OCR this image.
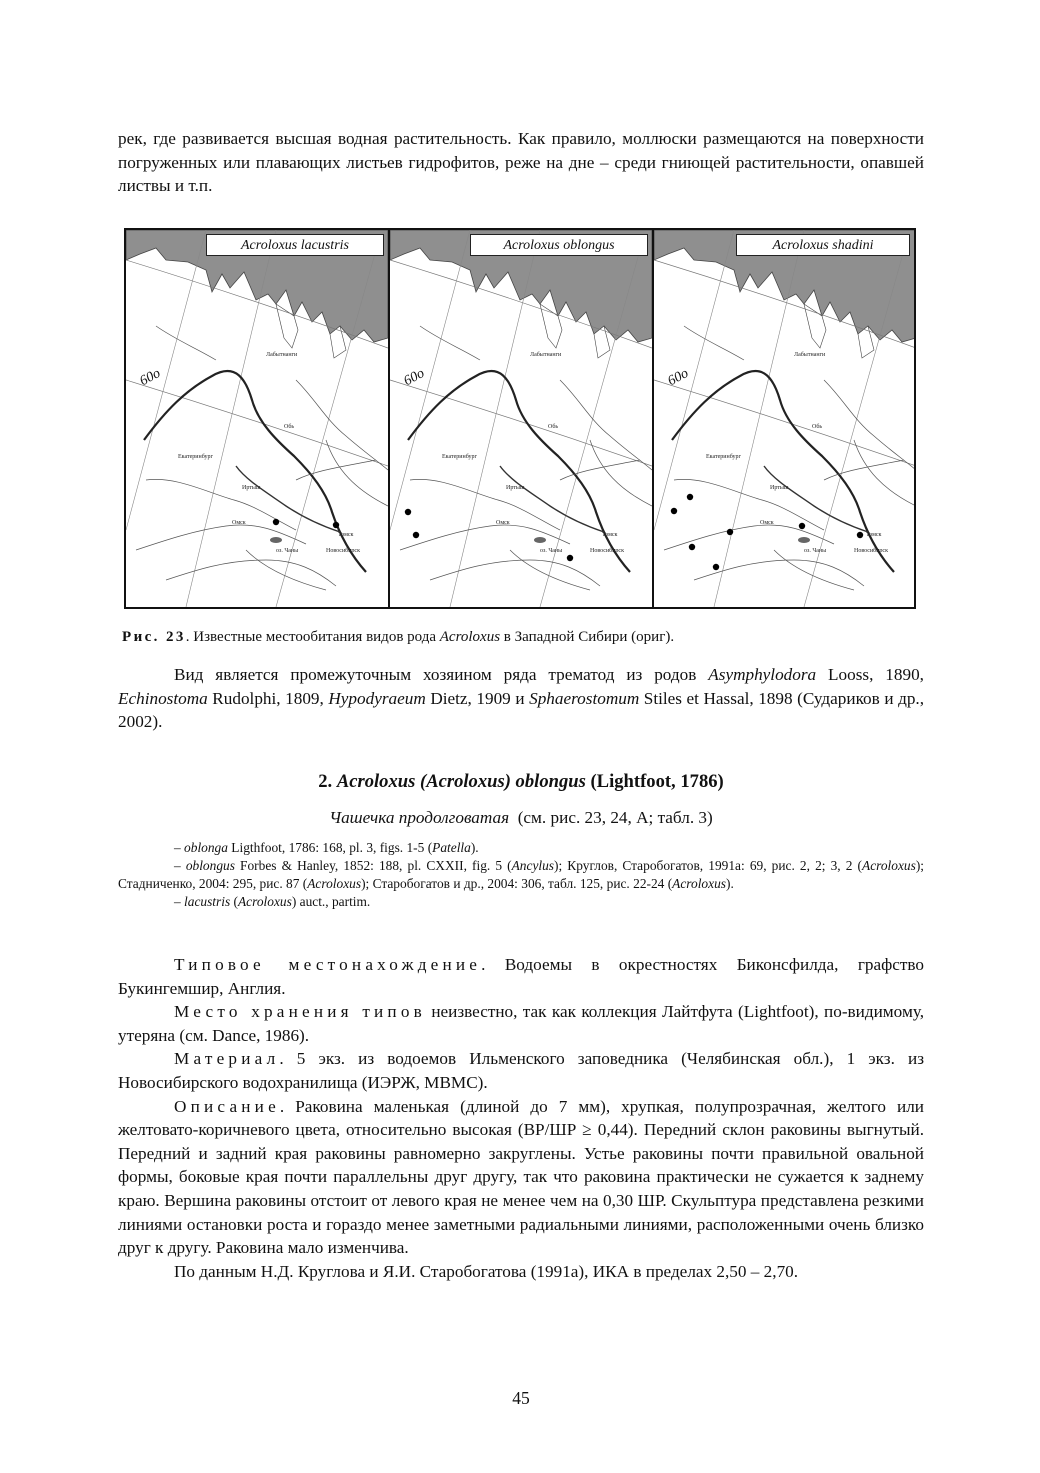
рек, где развивается высшая водная растительность. Как правило, моллюски размещаются на поверхности погруженных или плавающих листьев гидрофитов, реже на дне – среди гниющей растительности, опавшей листвы и т.п.

Лабытнанги
Обь
Екатеринбург
Иртыш
Омск
Томск
оз. Чаны	Новосибирск
60о
Acroloxus lacustris
Лабытнанги
Обь
Екатеринбург
Иртыш
Омск
Томск
оз. Чаны	Новосибирск
60о
Acroloxus oblongus
Лабытнанги
Обь
Екатеринбург
Иртыш
Омск
Томск
оз. Чаны	Новосибирск
60о
Acroloxus shadini

Рис. 23. Известные местообитания видов рода Acroloxus в Западной Сибири (ориг).

Вид является промежуточным хозяином ряда трематод из родов Asymphylodora Looss, 1890, Echinostoma Rudolphi, 1809, Hypodyraeum Dietz, 1909 и Sphaerostomum Stiles et Hassal, 1898 (Судариков и др., 2002).

2. Acroloxus (Acroloxus) oblongus (Lightfoot, 1786)

Чашечка продолговатая  (см. рис. 23, 24, А; табл. 3)

– oblonga Ligthfoot, 1786: 168, pl. 3, figs. 1-5 (Patella).

– oblongus Forbes & Hanley, 1852: 188, pl. CXXII, fig. 5 (Ancylus); Круглов, Старобогатов, 1991а: 69, рис. 2, 2; 3, 2 (Acroloxus); Стадниченко, 2004: 295, рис. 87 (Acroloxus); Старобогатов и др., 2004: 306, табл. 125, рис. 22-24 (Acroloxus).

– lacustris (Acroloxus) auct., partim.

Типовое местонахождение. Водоемы в окрестностях Биконсфилда, графство Букингемшир, Англия.

Место хранения типов неизвестно, так как коллекция Лайтфута (Lightfoot), по-видимому, утеряна (см. Dance, 1986).

Материал. 5 экз. из водоемов Ильменского заповедника (Челябинская обл.), 1 экз. из Новосибирского водохранилища (ИЭРЖ, МВМС).

Описание. Раковина маленькая (длиной до 7 мм), хрупкая, полупрозрачная, желтого или желтовато-коричневого цвета, относительно высокая (ВР/ШР ≥ 0,44). Передний склон раковины выгнутый. Передний и задний края раковины равномерно закруглены. Устье раковины почти правильной овальной формы, боковые края почти параллельны друг другу, так что раковина практически не сужается к заднему краю. Вершина раковины отстоит от левого края не менее чем на 0,30 ШР. Скульптура представлена резкими линиями остановки роста и гораздо менее заметными радиальными линиями, расположенными очень близко друг к другу. Раковина мало изменчива.

По данным Н.Д. Круглова и Я.И. Старобогатова (1991а), ИКА в пределах 2,50 – 2,70.

45
